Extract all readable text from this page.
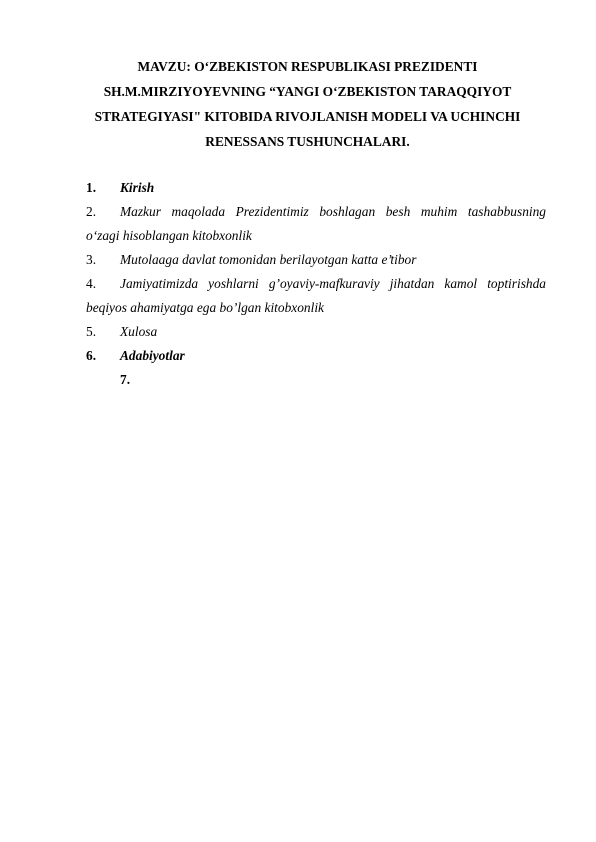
MAVZU: O‘ZBEKISTON RESPUBLIKASI PREZIDENTI
SH.M.MIRZIYOYEVNING “YANGI O‘ZBEKISTON TARAQQIYOT
STRATEGIYASI" KITOBIDA RIVOJLANISH MODELI VA UCHINCHI
RENESSANS TUSHUNCHALARI.
1.	Kirish
2.	Mazkur maqolada Prezidentimiz boshlagan besh muhim tashabbusning
o‘zagi hisoblangan kitobxonlik
3.	Mutolaaga davlat tomonidan berilayotgan katta e’tibor
4.	Jamiyatimizda yoshlarni g’oyaviy-mafkuraviy jihatdan kamol toptirishda
beqiyos ahamiyatga ega bo’lgan kitobxonlik
5.	Xulosa
6.	Adabiyotlar
7.
